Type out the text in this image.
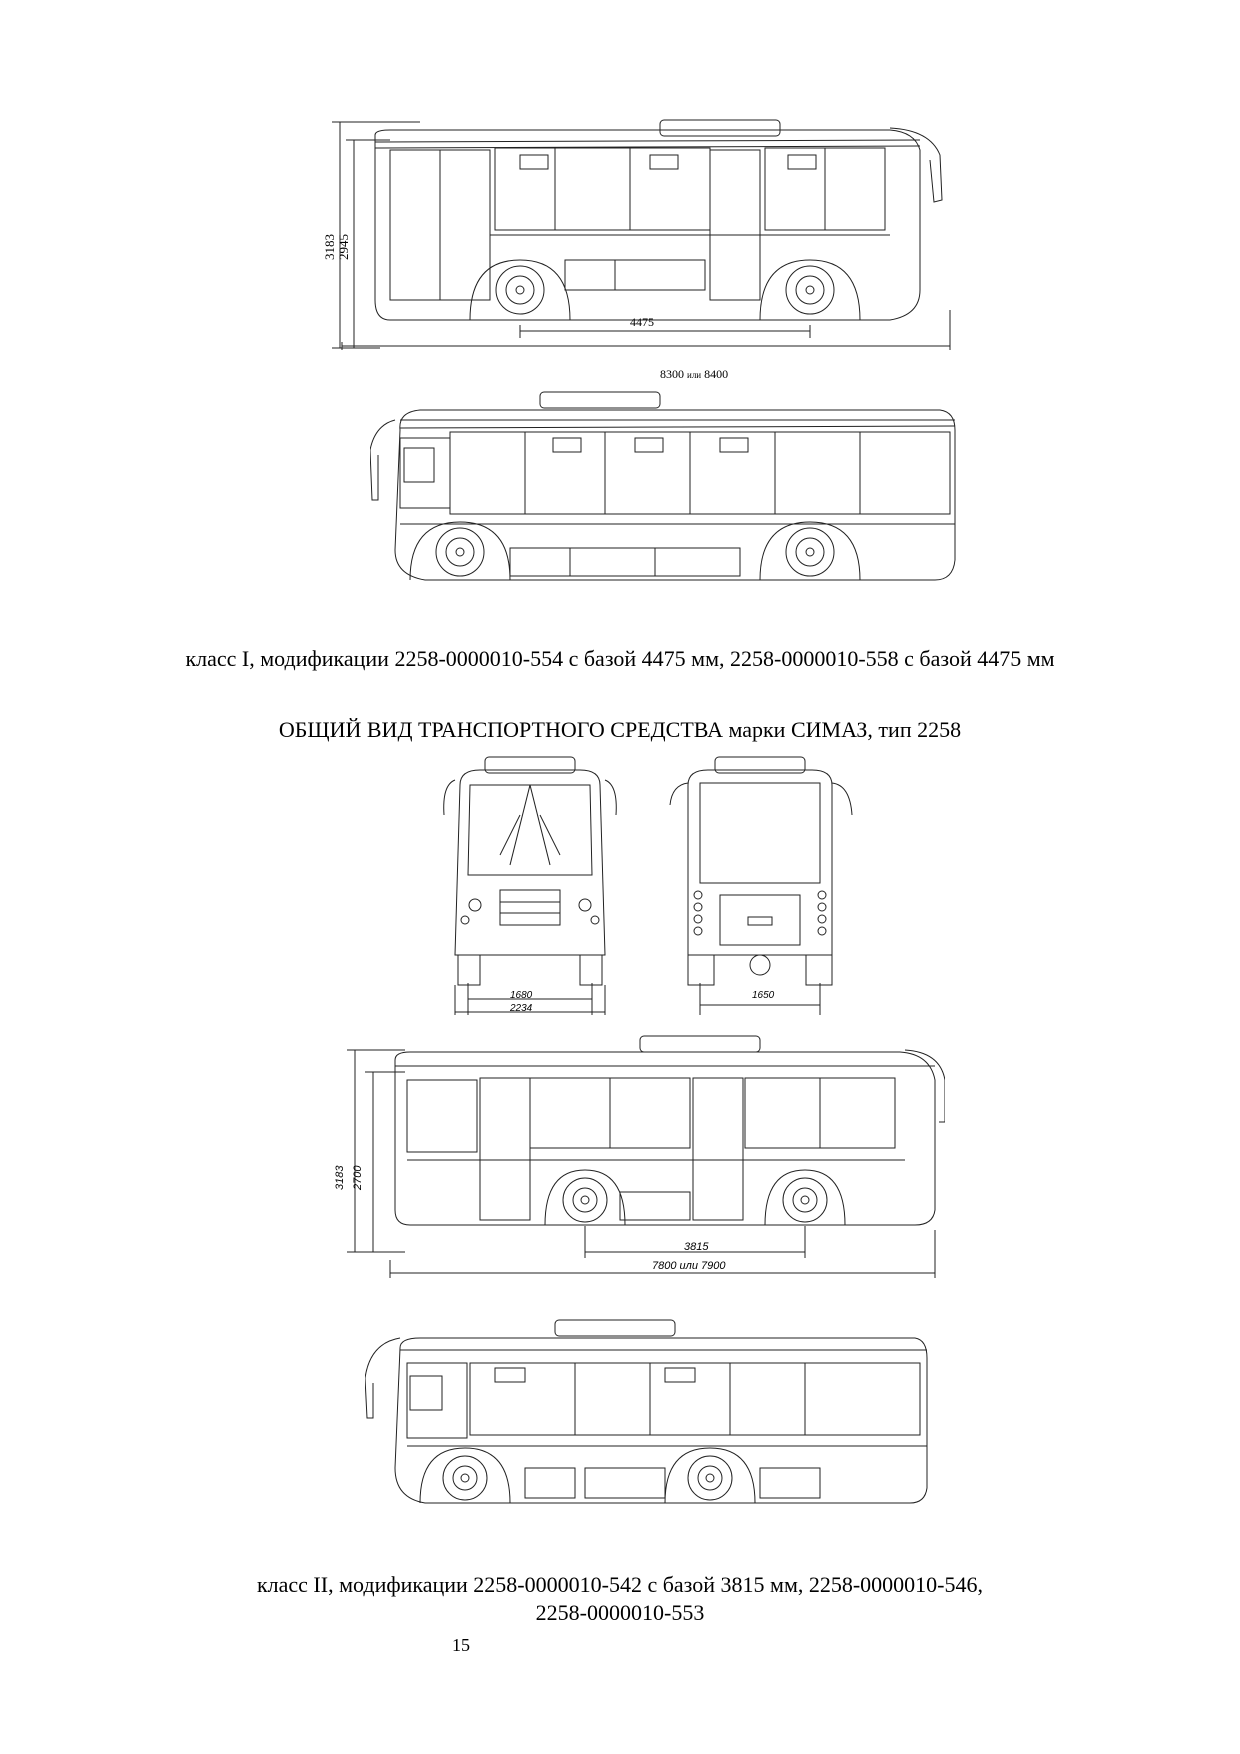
3183 2945
4475
8300 или 8400
класс I, модификации 2258-0000010-554 с базой 4475 мм, 2258-0000010-558 с базой 4475 мм
ОБЩИЙ ВИД ТРАНСПОРТНОГО СРЕДСТВА марки СИМАЗ, тип 2258
1680
2234
1650
3183 2700
3815
7800 или 7900
класс II, модификации 2258-0000010-542 с базой 3815 мм, 2258-0000010-546,
2258-0000010-553
15
